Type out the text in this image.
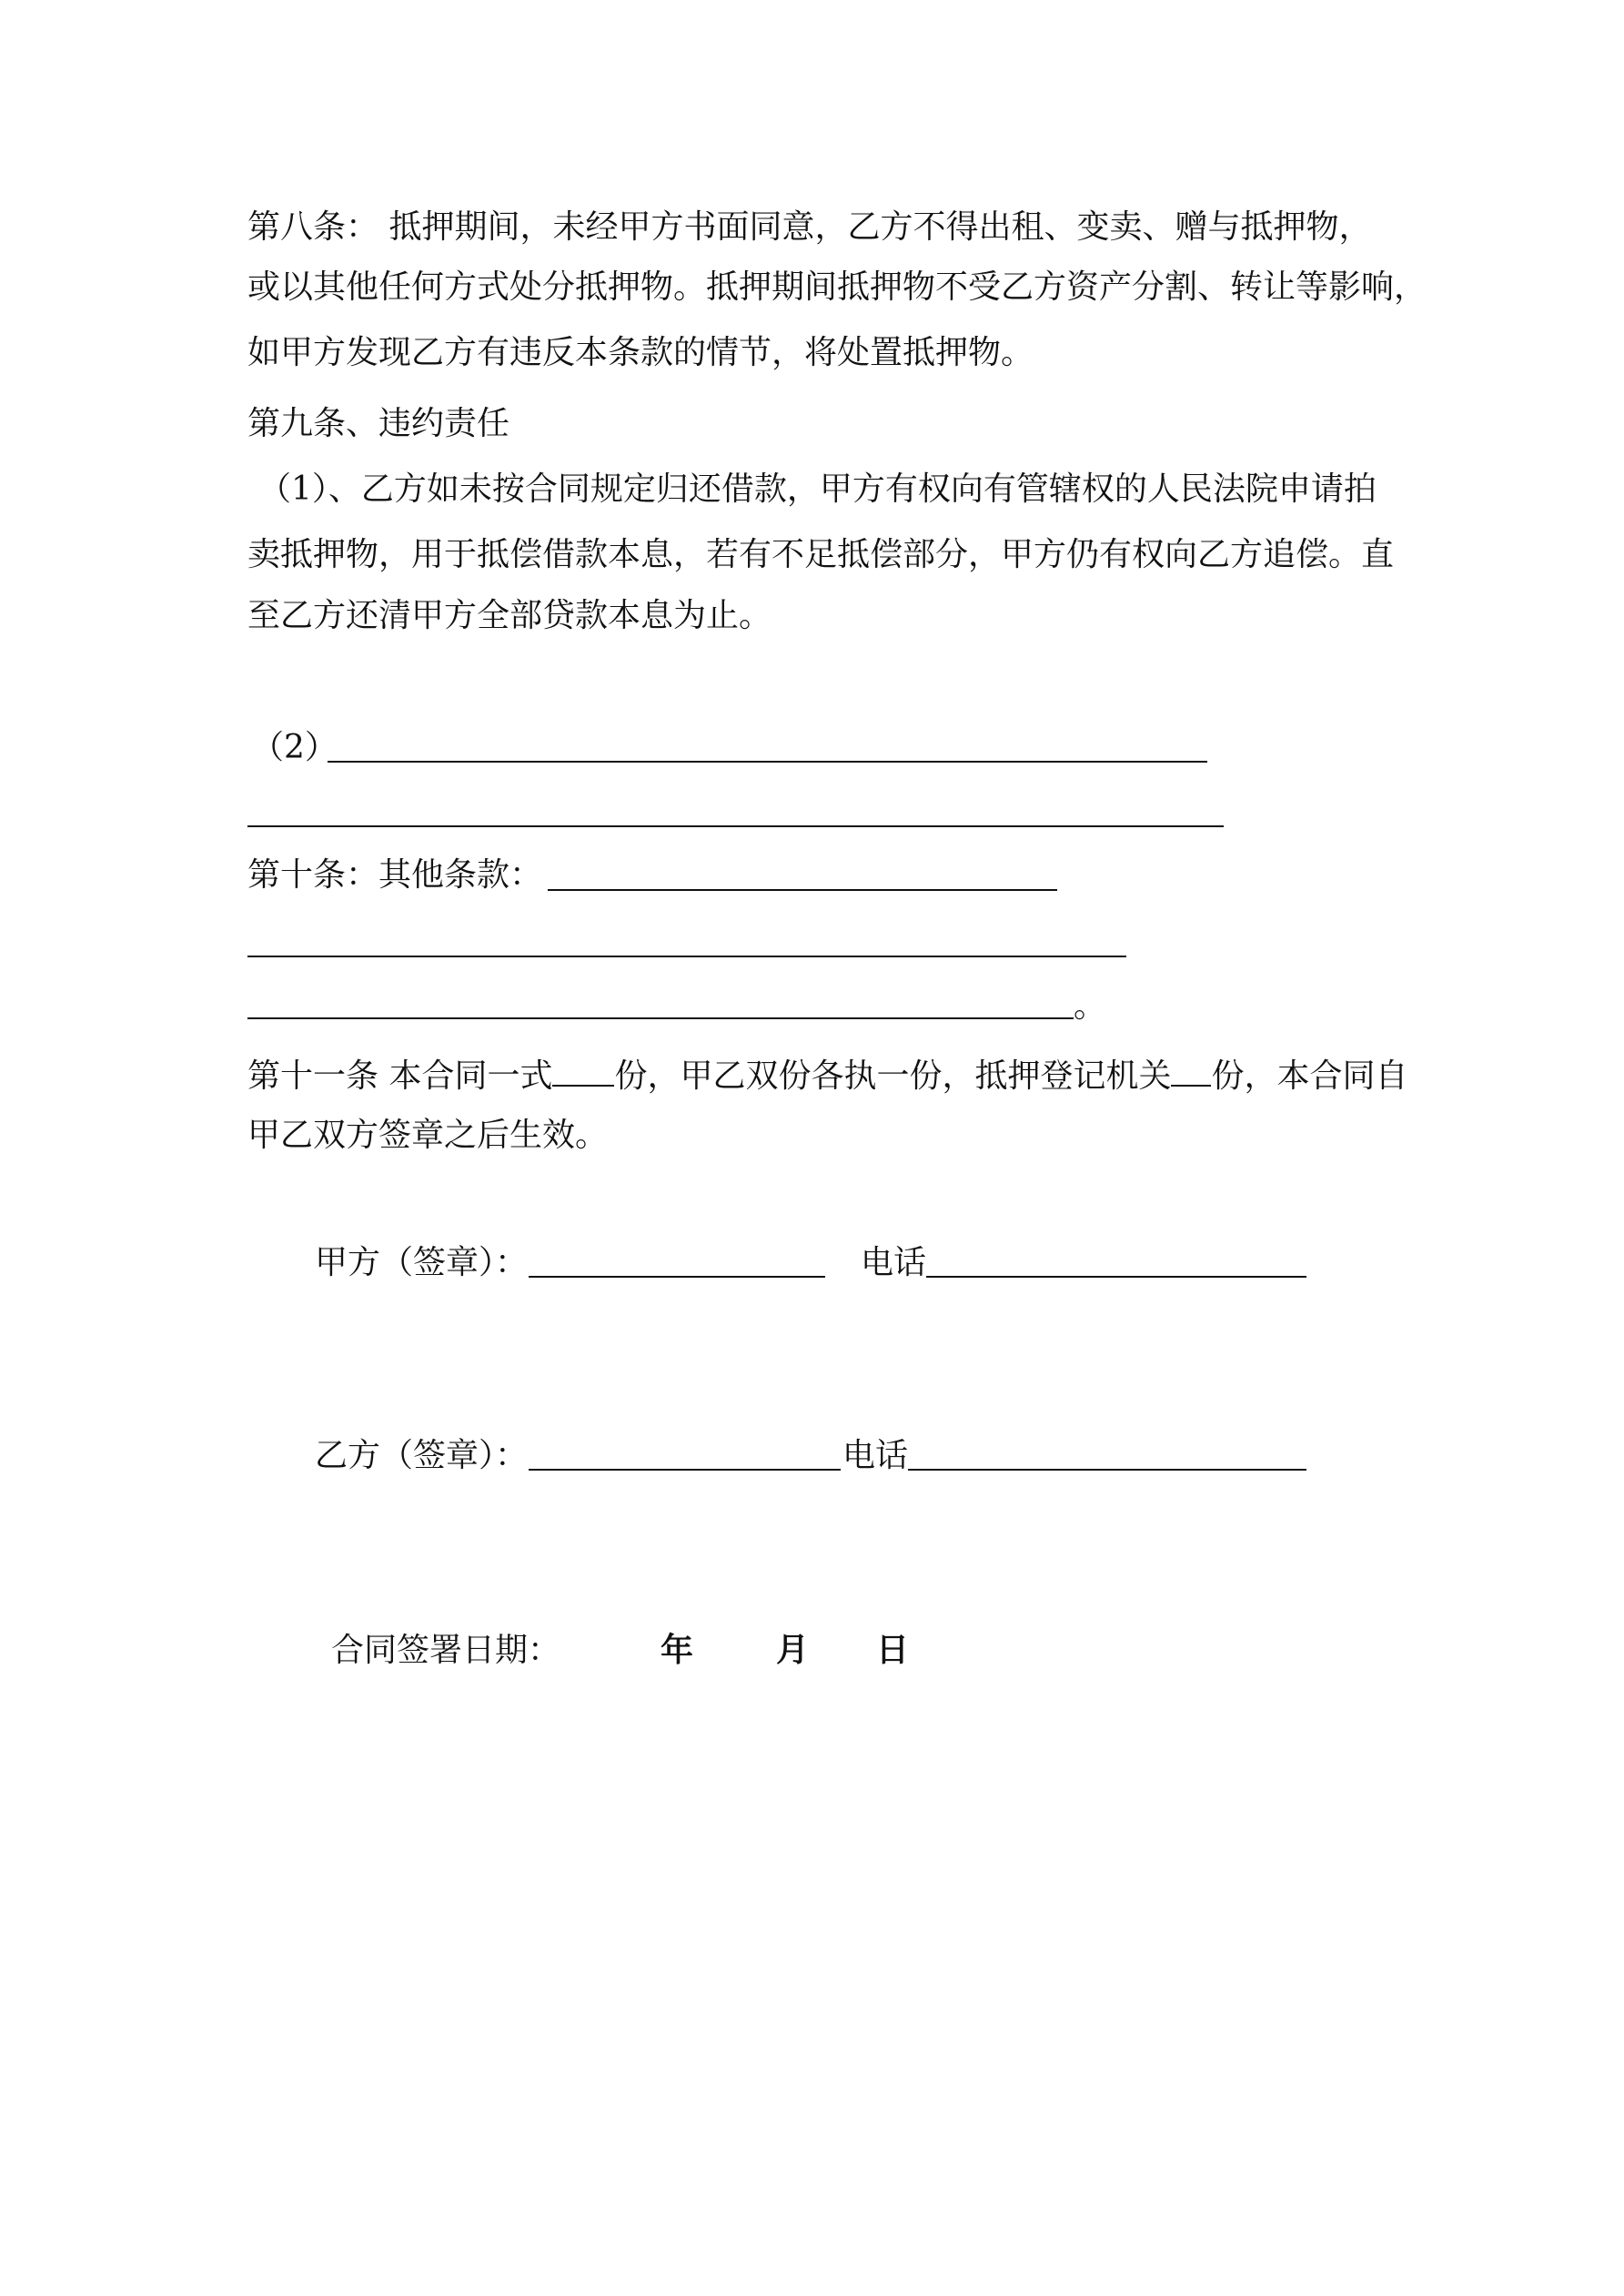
第八条： 抵押期间，未经甲方书面同意，乙方不得出租、变卖、赠与抵押物，
或以其他任何方式处分抵押物。抵押期间抵押物不受乙方资产分割、转让等影响，
如甲方发现乙方有违反本条款的情节，将处置抵押物。
第九条、违约责任
（1）、乙方如未按合同规定归还借款，甲方有权向有管辖权的人民法院申请拍
卖抵押物，用于抵偿借款本息，若有不足抵偿部分，甲方仍有权向乙方追偿。直
至乙方还清甲方全部贷款本息为止。
（2）
第十条：其他条款：
。
第十一条 本合同一式 份，甲乙双份各执一份，抵押登记机关 份，本合同自
甲乙双方签章之后生效。
甲方（签章）：	电话
乙方（签章）：	电话
合同签署日期：	年	月 日
